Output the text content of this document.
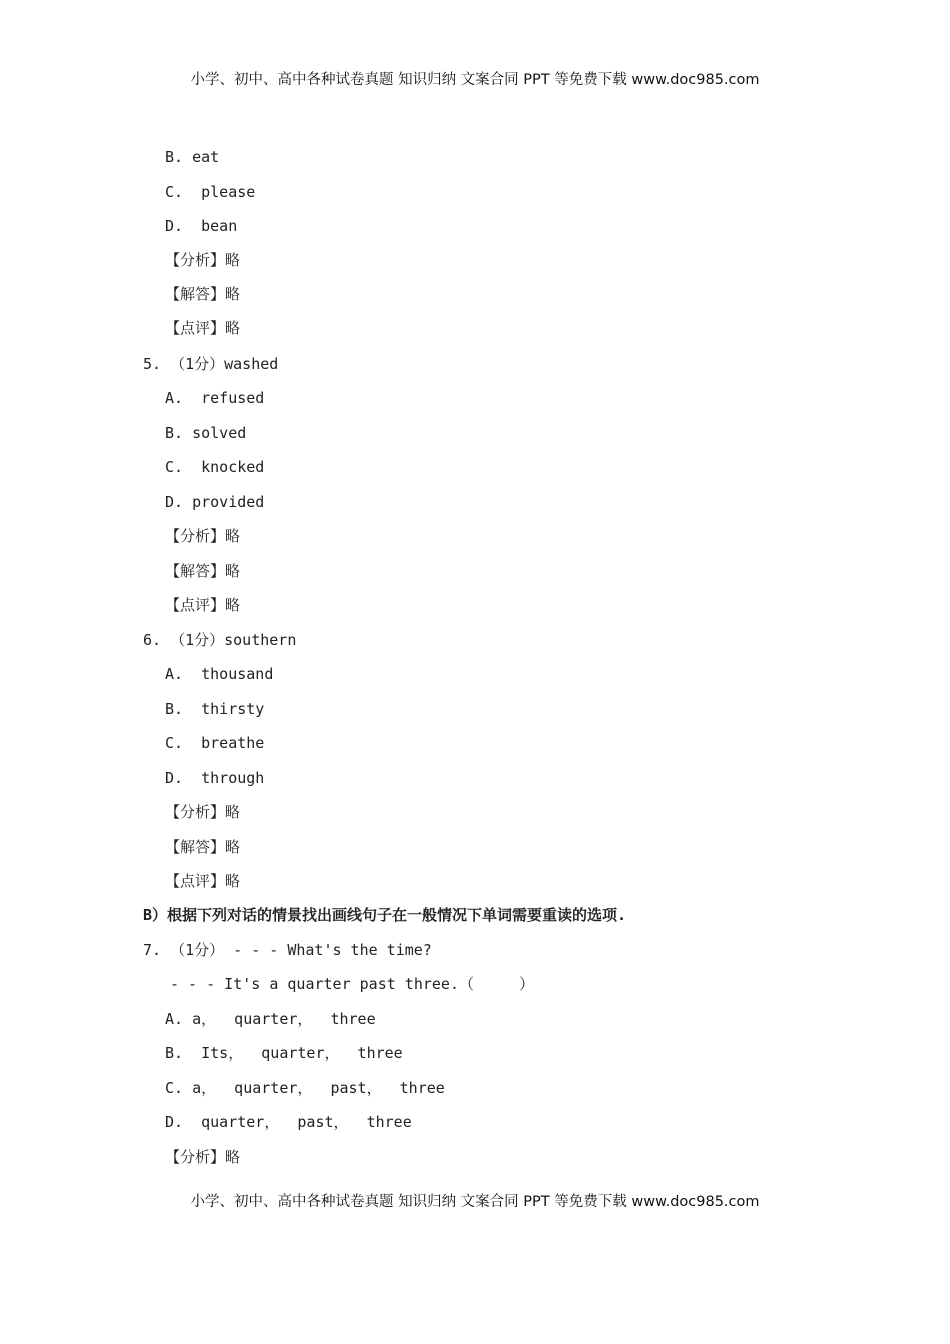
小学、初中、高中各种试卷真题 知识归纳 文案合同 PPT 等免费下载 www.doc985.com
B. eat
C.  please
D.  bean
【分析】略
【解答】略
【点评】略
5. （1分）washed
A.  refused
B. solved
C.  knocked
D. provided
【分析】略
【解答】略
【点评】略
6. （1分）southern
A.  thousand
B.  thirsty
C.  breathe
D.  through
【分析】略
【解答】略
【点评】略
B）根据下列对话的情景找出画线句子在一般情况下单词需要重读的选项.
7. （1分） - - - What's the time?
- - - It's a quarter past three.（     ）
A. a，  quarter，  three
B.  Its，  quarter，  three
C. a，  quarter，  past，  three
D.  quarter，  past，  three
【分析】略
小学、初中、高中各种试卷真题 知识归纳 文案合同 PPT 等免费下载 www.doc985.com
